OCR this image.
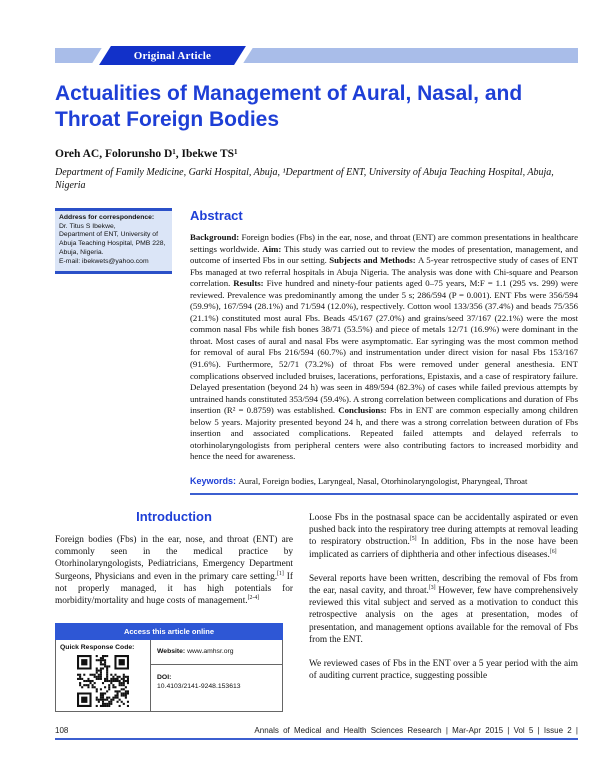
Original Article
Actualities of Management of Aural, Nasal, and Throat Foreign Bodies
Oreh AC, Folorunsho D¹, Ibekwe TS¹
Department of Family Medicine, Garki Hospital, Abuja, ¹Department of ENT, University of Abuja Teaching Hospital, Abuja, Nigeria
Address for correspondence:
Dr. Titus S Ibekwe,
Department of ENT, University of Abuja Teaching Hospital, PMB 228, Abuja, Nigeria.
E-mail: ibekwets@yahoo.com
Abstract

Background: Foreign bodies (Fbs) in the ear, nose, and throat (ENT) are common presentations in healthcare settings worldwide. Aim: This study was carried out to review the modes of presentation, management, and outcome of inserted Fbs in our setting. Subjects and Methods: A 5-year retrospective study of cases of ENT Fbs managed at two referral hospitals in Abuja Nigeria. The analysis was done with Chi-square and Pearson correlation. Results: Five hundred and ninety-four patients aged 0–75 years, M:F = 1.1 (295 vs. 299) were reviewed. Prevalence was predominantly among the under 5 s; 286/594 (P = 0.001). ENT Fbs were 356/594 (59.9%), 167/594 (28.1%) and 71/594 (12.0%), respectively. Cotton wool 133/356 (37.4%) and beads 75/356 (21.1%) constituted most aural Fbs. Beads 45/167 (27.0%) and grains/seed 37/167 (22.1%) were the most common nasal Fbs while fish bones 38/71 (53.5%) and piece of metals 12/71 (16.9%) were dominant in the throat. Most cases of aural and nasal Fbs were asymptomatic. Ear syringing was the most common method for removal of aural Fbs 216/594 (60.7%) and instrumentation under direct vision for nasal Fbs 153/167 (91.6%). Furthermore, 52/71 (73.2%) of throat Fbs were removed under general anesthesia. ENT complications observed included bruises, lacerations, perforations, Epistaxis, and a case of respiratory failure. Delayed presentation (beyond 24 h) was seen in 489/594 (82.3%) of cases while failed previous attempts by untrained hands constituted 353/594 (59.4%). A strong correlation between complications and duration of Fbs insertion (R² = 0.8759) was established. Conclusions: Fbs in ENT are common especially among children below 5 years. Majority presented beyond 24 h, and there was a strong correlation between duration of Fbs insertion and associated complications. Repeated failed attempts and delayed referrals to otorhinolaryngologists from peripheral centers were also contributing factors to increased morbidity and hence the need for awareness.

Keywords: Aural, Foreign bodies, Laryngeal, Nasal, Otorhinolaryngologist, Pharyngeal, Throat
Introduction

Foreign bodies (Fbs) in the ear, nose, and throat (ENT) are commonly seen in the medical practice by Otorhinolaryngologists, Pediatricians, Emergency Department Surgeons, Physicians and even in the primary care setting.[1] If not properly managed, it has high potentials for morbidity/mortality and huge costs of management.[2-4]

Access this article online
Quick Response Code:
Website: www.amhsr.org
DOI:
10.4103/2141-9248.153613

Loose Fbs in the postnasal space can be accidentally aspirated or even pushed back into the respiratory tree during attempts at removal leading to respiratory obstruction.[5] In addition, Fbs in the nose have been implicated as carriers of diphtheria and other infectious diseases.[6]

Several reports have been written, describing the removal of Fbs from the ear, nasal cavity, and throat.[3] However, few have comprehensively reviewed this vital subject and served as a motivation to conduct this retrospective analysis on the ages at presentation, modes of presentation, and management options available for the removal of Fbs from the ENT.

We reviewed cases of Fbs in the ENT over a 5 year period with the aim of auditing current practice, suggesting possible

108	Annals of Medical and Health Sciences Research | Mar-Apr 2015 | Vol 5 | Issue 2 |
